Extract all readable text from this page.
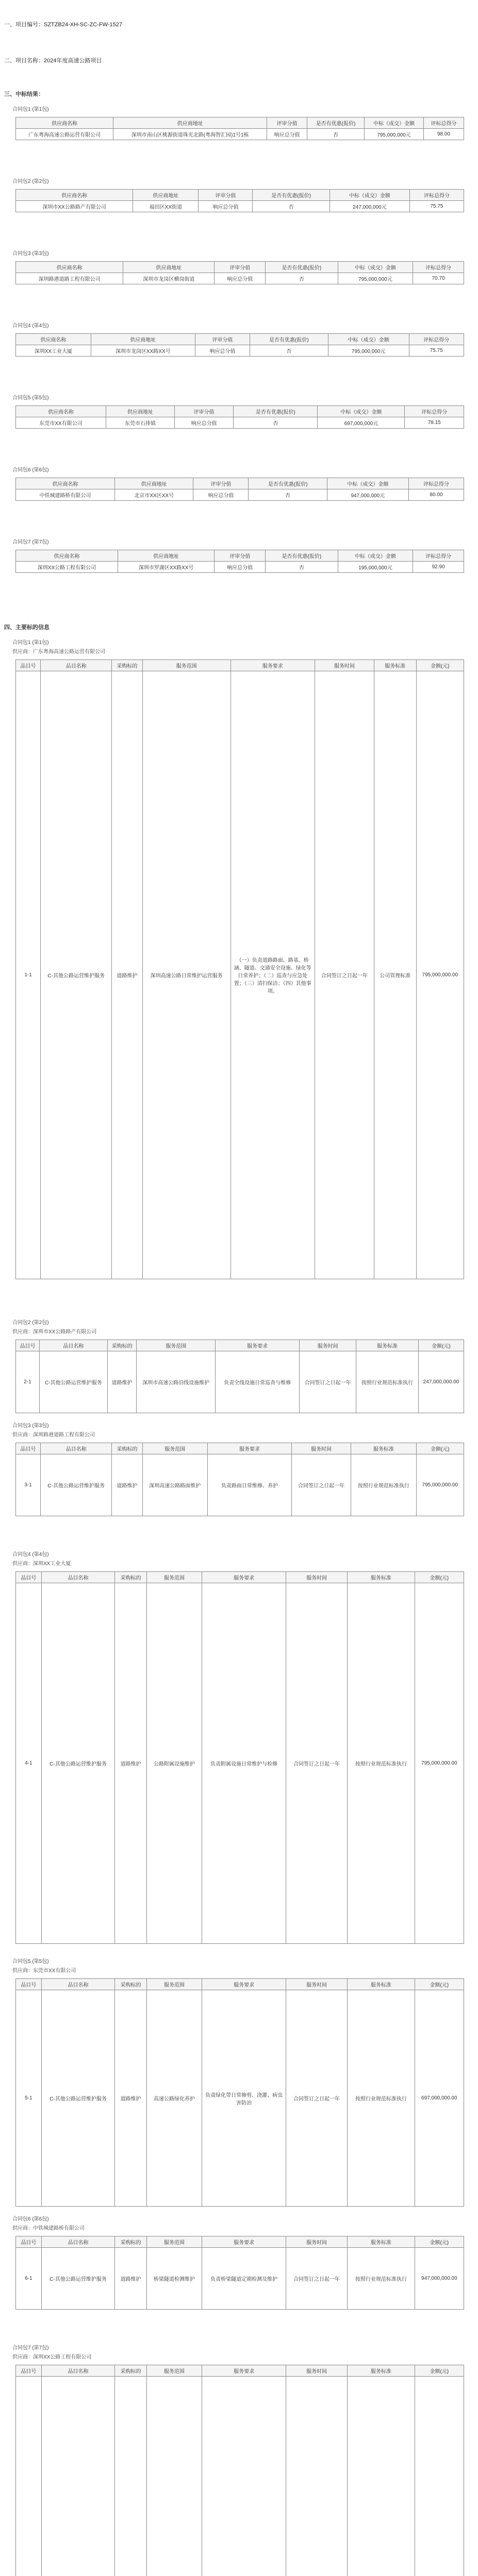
一、项目编号：SZTZB24-XH-SC-ZC-FW-1527
二、项目名称：2024年度高速公路项目
三、中标结果：
合同包1 (第1包)
供应商名称	供应商地址	评审分值	是否有优惠(报价)	中标（成交）金额	评标总得分
广东粤海高速公路运营有限公司	深圳市南山区桃源街道珠光北路(粤海智汇园)1号1栋	响应总分值	否	795,000,000元	98.00
合同包2 (第2包)
供应商名称	供应商地址	评审分值	是否有优惠(报价)	中标（成交）金额	评标总得分
深圳市XX公路路产有限公司	福田区XX街道	响应总分值	否	247,000,000元	75.75
合同包3 (第3包)
供应商名称	供应商地址	评审分值	是否有优惠(报价)	中标（成交）金额	评标总得分
深圳路港道路工程有限公司	深圳市龙岗区横岗街道	响应总分值	否	795,000,000元	70.70
合同包4 (第4包)
供应商名称	供应商地址	评审分值	是否有优惠(报价)	中标（成交）金额	评标总得分
深圳XX工业大厦	深圳市龙岗区XX路XX号	响应总分值	否	795,000,000元	75.75
合同包5 (第5包)
供应商名称	供应商地址	评审分值	是否有优惠(报价)	中标（成交）金额	评标总得分
东莞市XX有限公司	东莞市石排镇	响应总分值	否	697,000,000元	78.15
合同包6 (第6包)
供应商名称	供应商地址	评审分值	是否有优惠(报价)	中标（成交）金额	评标总得分
中铁城建路桥有限公司	北京市XX区XX号	响应总分值	否	947,000,000元	80.00
合同包7 (第7包)
供应商名称	供应商地址	评审分值	是否有优惠(报价)	中标（成交）金额	评标总得分
深圳XX公路工程有限公司	深圳市罗湖区XX路XX号	响应总分值	否	195,000,000元	92.90
四、主要标的信息
合同包1 (第1包)
供应商：广东粤海高速公路运营有限公司
品目号	品目名称	采购标的	服务范围	服务要求	服务时间	服务标准	金额(元)
1-1	C-其他公路运营维护服务	道路维护	深圳高速公路日常维护运营服务	（一）负责道路路面、路基、桥涵、隧道、交通安全设施、绿化等日常养护；（二）巡查与应急处置；（三）清扫保洁；（四）其他事项。	合同签订之日起一年	公司管理标准	795,000,000.00
合同包2 (第2包)
供应商：深圳市XX公路路产有限公司
品目号	品目名称	采购标的	服务范围	服务要求	服务时间	服务标准	金额(元)
2-1	C-其他公路运营维护服务	道路维护	深圳市高速公路沿线设施维护	负责全线设施日常巡查与维修	合同签订之日起一年	按照行业规范标准执行	247,000,000.00
合同包3 (第3包)
供应商：深圳路港道路工程有限公司
品目号	品目名称	采购标的	服务范围	服务要求	服务时间	服务标准	金额(元)
3-1	C-其他公路运营维护服务	道路维护	深圳高速公路路面维护	负责路面日常维修、养护	合同签订之日起一年	按照行业规范标准执行	795,000,000.00
合同包4 (第4包)
供应商：深圳XX工业大厦
品目号	品目名称	采购标的	服务范围	服务要求	服务时间	服务标准	金额(元)
4-1	C-其他公路运营维护服务	道路维护	公路附属设施维护	负责附属设施日常维护与检修	合同签订之日起一年	按照行业规范标准执行	795,000,000.00
合同包5 (第5包)
供应商：东莞市XX有限公司
品目号	品目名称	采购标的	服务范围	服务要求	服务时间	服务标准	金额(元)
5-1	C-其他公路运营维护服务	道路维护	高速公路绿化养护	负责绿化带日常修剪、浇灌、病虫害防治	合同签订之日起一年	按照行业规范标准执行	697,000,000.00
合同包6 (第6包)
供应商：中铁城建路桥有限公司
品目号	品目名称	采购标的	服务范围	服务要求	服务时间	服务标准	金额(元)
6-1	C-其他公路运营维护服务	道路维护	桥梁隧道检测维护	负责桥梁隧道定期检测及维护	合同签订之日起一年	按照行业规范标准执行	947,000,000.00
合同包7 (第7包)
供应商：深圳XX公路工程有限公司
品目号	品目名称	采购标的	服务范围	服务要求	服务时间	服务标准	金额(元)
